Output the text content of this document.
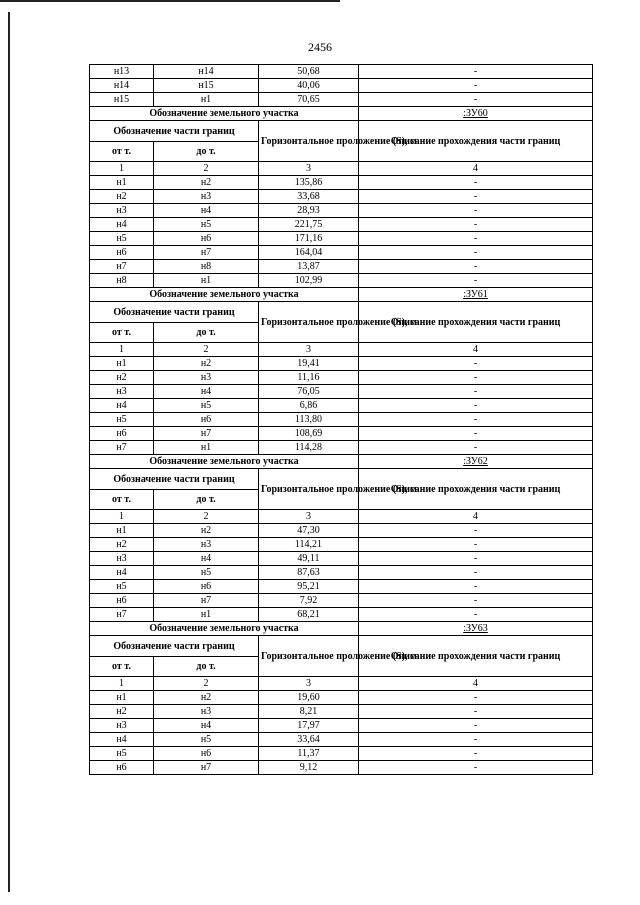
2456
н13	н14	50,68	-
н14	н15	40,06	-
н15	н1	70,65	-
Обозначение земельного участка			:ЗУ60
Обозначение части границ		Горизонтальное проложение (S), м	Описание прохождения части границ
от т.	до т.		
1	2	3	4
н1	н2	135,86	-
н2	н3	33,68	-
н3	н4	28,93	-
н4	н5	221,75	-
н5	н6	171,16	-
н6	н7	164,04	-
н7	н8	13,87	-
н8	н1	102,99	-
Обозначение земельного участка			:ЗУ61
Обозначение части границ		Горизонтальное проложение (S), м	Описание прохождения части границ
от т.	до т.		
1	2	3	4
н1	н2	19,41	-
н2	н3	11,16	-
н3	н4	76,05	-
н4	н5	6,86	-
н5	н6	113,80	-
н6	н7	108,69	-
н7	н1	114,28	-
Обозначение земельного участка			:ЗУ62
Обозначение части границ		Горизонтальное проложение (S), м	Описание прохождения части границ
от т.	до т.		
1	2	3	4
н1	н2	47,30	-
н2	н3	114,21	-
н3	н4	49,11	-
н4	н5	87,63	-
н5	н6	95,21	-
н6	н7	7,92	-
н7	н1	68,21	-
Обозначение земельного участка			:ЗУ63
Обозначение части границ		Горизонтальное проложение (S), м	Описание прохождения части границ
от т.	до т.		
1	2	3	4
н1	н2	19,60	-
н2	н3	8,21	-
н3	н4	17,97	-
н4	н5	33,64	-
н5	н6	11,37	-
н6	н7	9,12	-
